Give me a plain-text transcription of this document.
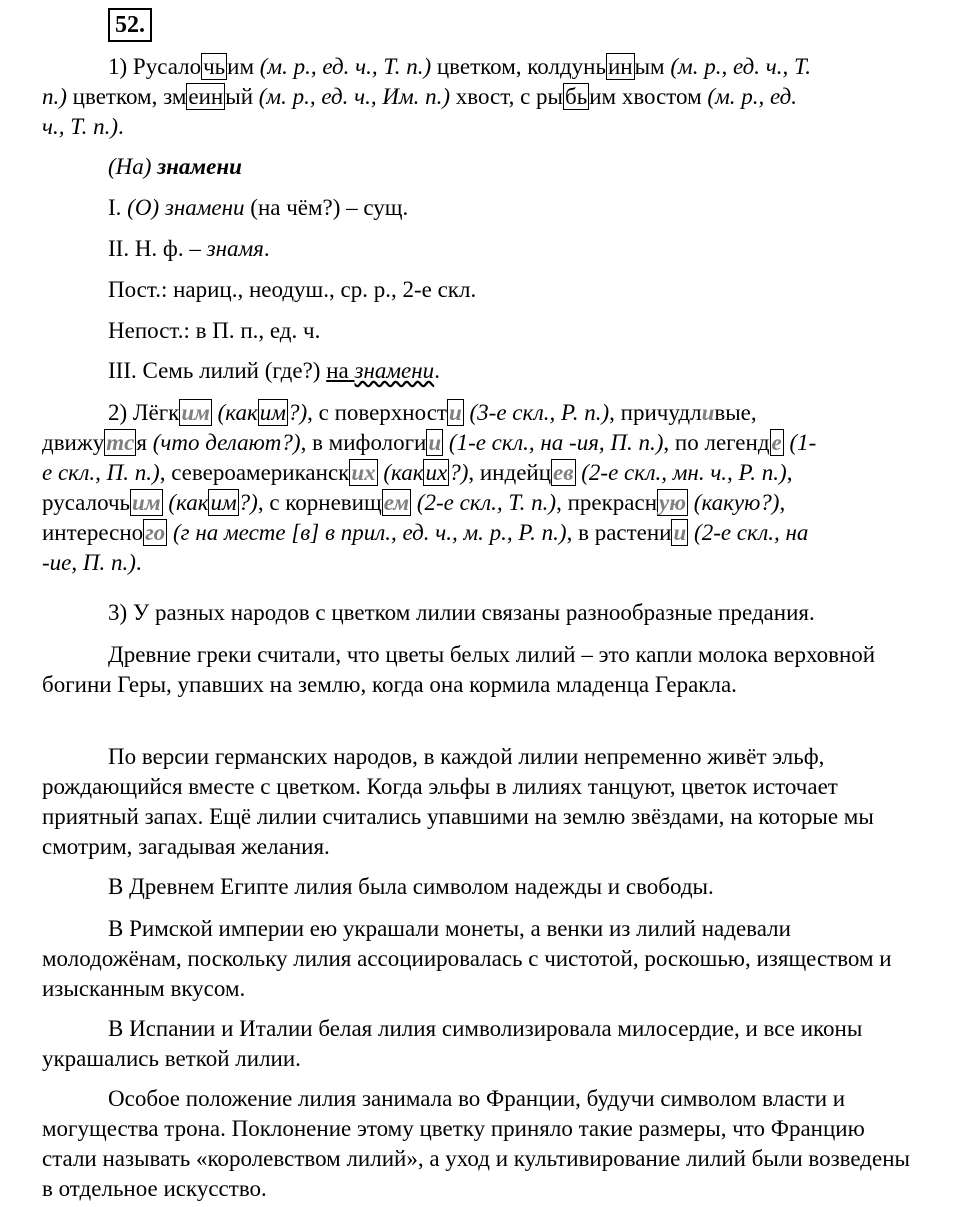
52.

1) Русалочьим (м. р., ед. ч., Т. п.) цветком, колдуньиным (м. р., ед. ч., Т.
п.) цветком, змеиный (м. р., ед. ч., Им. п.) хвост, с рыбьим хвостом (м. р., ед.
ч., Т. п.).

(На) знамени

I. (О) знамени (на чём?) – сущ.

II. Н. ф. – знамя.

Пост.: нариц., неодуш., ср. р., 2-е скл.

Непост.: в П. п., ед. ч.

III. Семь лилий (где?) на знамени.

2) Лёгким (каким?), с поверхности (3-е скл., Р. п.), причудливые,
движутся (что делают?), в мифологии (1-е скл., на -ия, П. п.), по легенде (1-
е скл., П. п.), североамериканских (каких?), индейцев (2-е скл., мн. ч., Р. п.),
русалочьим (каким?), с корневищем (2-е скл., Т. п.), прекрасную (какую?),
интересного (г на месте [в] в прил., ед. ч., м. р., Р. п.), в растении (2-е скл., на
-ие, П. п.).

3) У разных народов с цветком лилии связаны разнообразные предания.

Древние греки считали, что цветы белых лилий – это капли молока верховной богини Геры, упавших на землю, когда она кормила младенца Геракла.

По версии германских народов, в каждой лилии непременно живёт эльф, рождающийся вместе с цветком. Когда эльфы в лилиях танцуют, цветок источает приятный запах. Ещё лилии считались упавшими на землю звёздами, на которые мы смотрим, загадывая желания.

В Древнем Египте лилия была символом надежды и свободы.

В Римской империи ею украшали монеты, а венки из лилий надевали молодожёнам, поскольку лилия ассоциировалась с чистотой, роскошью, изяществом и изысканным вкусом.

В Испании и Италии белая лилия символизировала милосердие, и все иконы украшались веткой лилии.

Особое положение лилия занимала во Франции, будучи символом власти и могущества трона. Поклонение этому цветку приняло такие размеры, что Францию стали называть «королевством лилий», а уход и культивирование лилий были возведены в отдельное искусство.
